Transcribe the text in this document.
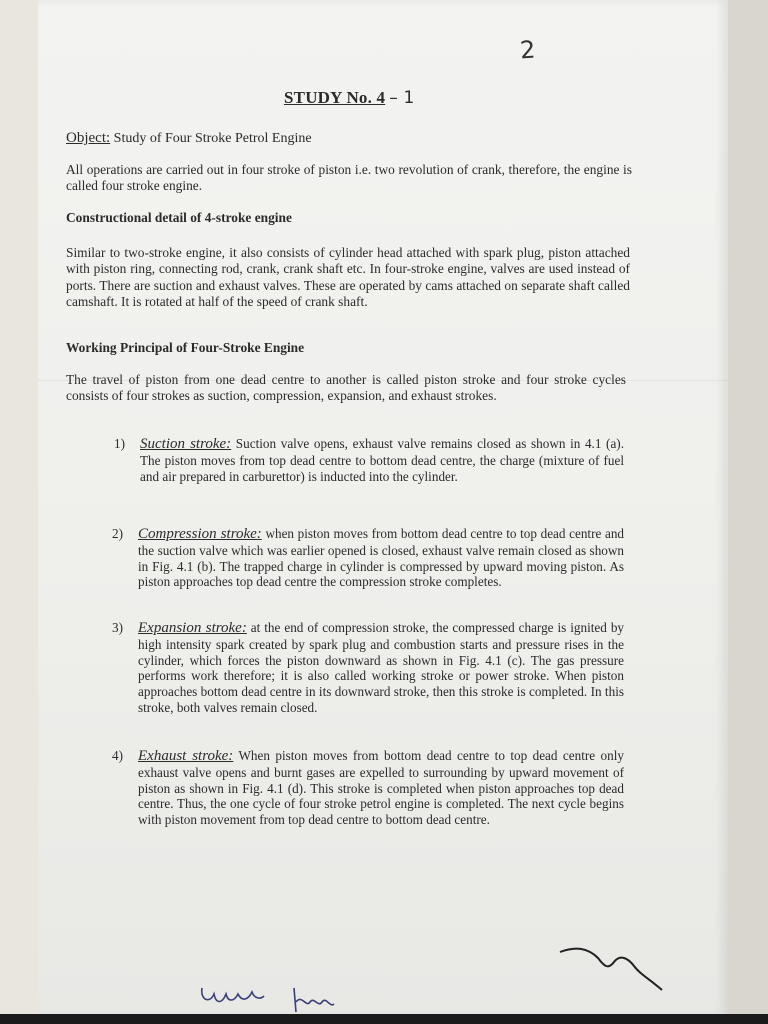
2
STUDY No. 4 – 1
Object: Study of Four Stroke Petrol Engine
All operations are carried out in four stroke of piston i.e. two revolution of crank, therefore, the engine is called four stroke engine.
Constructional detail of 4-stroke engine
Similar to two-stroke engine, it also consists of cylinder head attached with spark plug, piston attached with piston ring, connecting rod, crank, crank shaft etc. In four-stroke engine, valves are used instead of ports. There are suction and exhaust valves. These are operated by cams attached on separate shaft called camshaft. It is rotated at half of the speed of crank shaft.
Working Principal of Four-Stroke Engine
The travel of piston from one dead centre to another is called piston stroke and four stroke cycles consists of four strokes as suction, compression, expansion, and exhaust strokes.
1) Suction stroke: Suction valve opens, exhaust valve remains closed as shown in 4.1 (a). The piston moves from top dead centre to bottom dead centre, the charge (mixture of fuel and air prepared in carburettor) is inducted into the cylinder.
2) Compression stroke: when piston moves from bottom dead centre to top dead centre and the suction valve which was earlier opened is closed, exhaust valve remain closed as shown in Fig. 4.1 (b). The trapped charge in cylinder is compressed by upward moving piston. As piston approaches top dead centre the compression stroke completes.
3) Expansion stroke: at the end of compression stroke, the compressed charge is ignited by high intensity spark created by spark plug and combustion starts and pressure rises in the cylinder, which forces the piston downward as shown in Fig. 4.1 (c). The gas pressure performs work therefore; it is also called working stroke or power stroke. When piston approaches bottom dead centre in its downward stroke, then this stroke is completed. In this stroke, both valves remain closed.
4) Exhaust stroke: When piston moves from bottom dead centre to top dead centre only exhaust valve opens and burnt gases are expelled to surrounding by upward movement of piston as shown in Fig. 4.1 (d). This stroke is completed when piston approaches top dead centre. Thus, the one cycle of four stroke petrol engine is completed. The next cycle begins with piston movement from top dead centre to bottom dead centre.
